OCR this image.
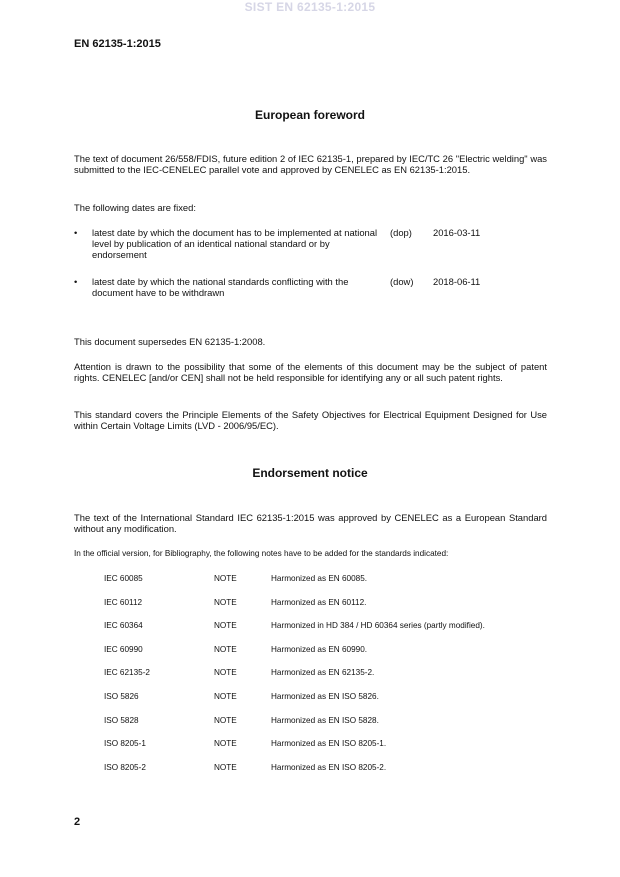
SIST EN 62135-1:2015
EN 62135-1:2015
European foreword
The text of document 26/558/FDIS, future edition 2 of IEC 62135-1, prepared by IEC/TC 26 "Electric welding" was submitted to the IEC-CENELEC parallel vote and approved by CENELEC as EN 62135-1:2015.
The following dates are fixed:
• latest date by which the document has to be implemented at national level by publication of an identical national standard or by endorsement
(dop) 2016-03-11
• latest date by which the national standards conflicting with the document have to be withdrawn
(dow) 2018-06-11
This document supersedes EN 62135-1:2008.
Attention is drawn to the possibility that some of the elements of this document may be the subject of patent rights. CENELEC [and/or CEN] shall not be held responsible for identifying any or all such patent rights.
This standard covers the Principle Elements of the Safety Objectives for Electrical Equipment Designed for Use within Certain Voltage Limits (LVD - 2006/95/EC).
Endorsement notice
The text of the International Standard IEC 62135-1:2015 was approved by CENELEC as a European Standard without any modification.
In the official version, for Bibliography, the following notes have to be added for the standards indicated:
IEC 60085	NOTE	Harmonized as EN 60085.
IEC 60112	NOTE	Harmonized as EN 60112.
IEC 60364	NOTE	Harmonized in HD 384 / HD 60364 series (partly modified).
IEC 60990	NOTE	Harmonized as EN 60990.
IEC 62135-2	NOTE	Harmonized as EN 62135-2.
ISO 5826	NOTE	Harmonized as EN ISO 5826.
ISO 5828	NOTE	Harmonized as EN ISO 5828.
ISO 8205-1	NOTE	Harmonized as EN ISO 8205-1.
ISO 8205-2	NOTE	Harmonized as EN ISO 8205-2.
2
